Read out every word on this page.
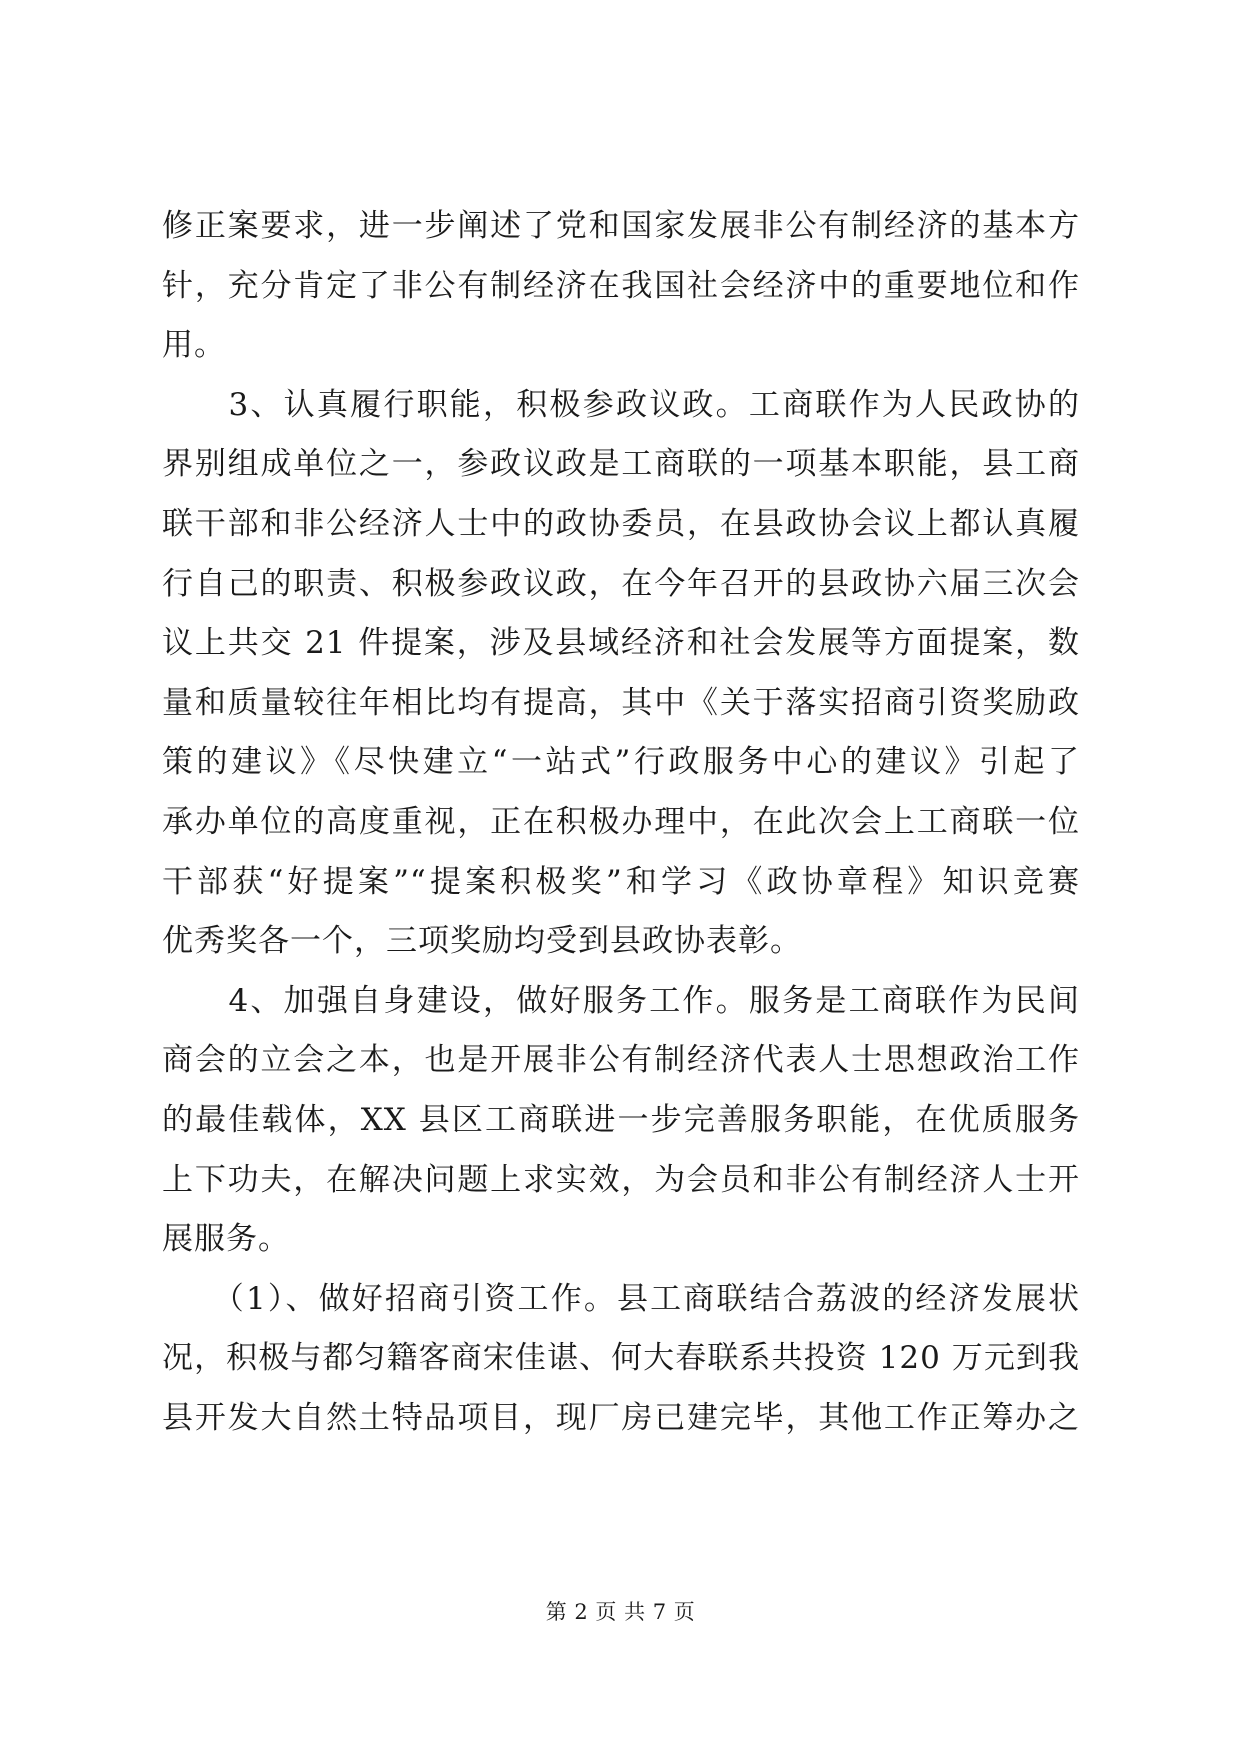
修正案要求，进一步阐述了党和国家发展非公有制经济的基本方
针，充分肯定了非公有制经济在我国社会经济中的重要地位和作
用。
　　3、认真履行职能，积极参政议政。工商联作为人民政协的
界别组成单位之一，参政议政是工商联的一项基本职能，县工商
联干部和非公经济人士中的政协委员，在县政协会议上都认真履
行自己的职责、积极参政议政，在今年召开的县政协六届三次会
议上共交 21 件提案，涉及县域经济和社会发展等方面提案，数
量和质量较往年相比均有提高，其中《关于落实招商引资奖励政
策的建议》《尽快建立“一站式”行政服务中心的建议》引起了
承办单位的高度重视，正在积极办理中，在此次会上工商联一位
干部获“好提案”“提案积极奖”和学习《政协章程》知识竞赛
优秀奖各一个，三项奖励均受到县政协表彰。
　　4、加强自身建设，做好服务工作。服务是工商联作为民间
商会的立会之本，也是开展非公有制经济代表人士思想政治工作
的最佳载体，XX 县区工商联进一步完善服务职能，在优质服务
上下功夫，在解决问题上求实效，为会员和非公有制经济人士开
展服务。
　　（1）、做好招商引资工作。县工商联结合荔波的经济发展状
况，积极与都匀籍客商宋佳谌、何大春联系共投资 120 万元到我
县开发大自然土特品项目，现厂房已建完毕，其他工作正筹办之
第 2 页 共 7 页
